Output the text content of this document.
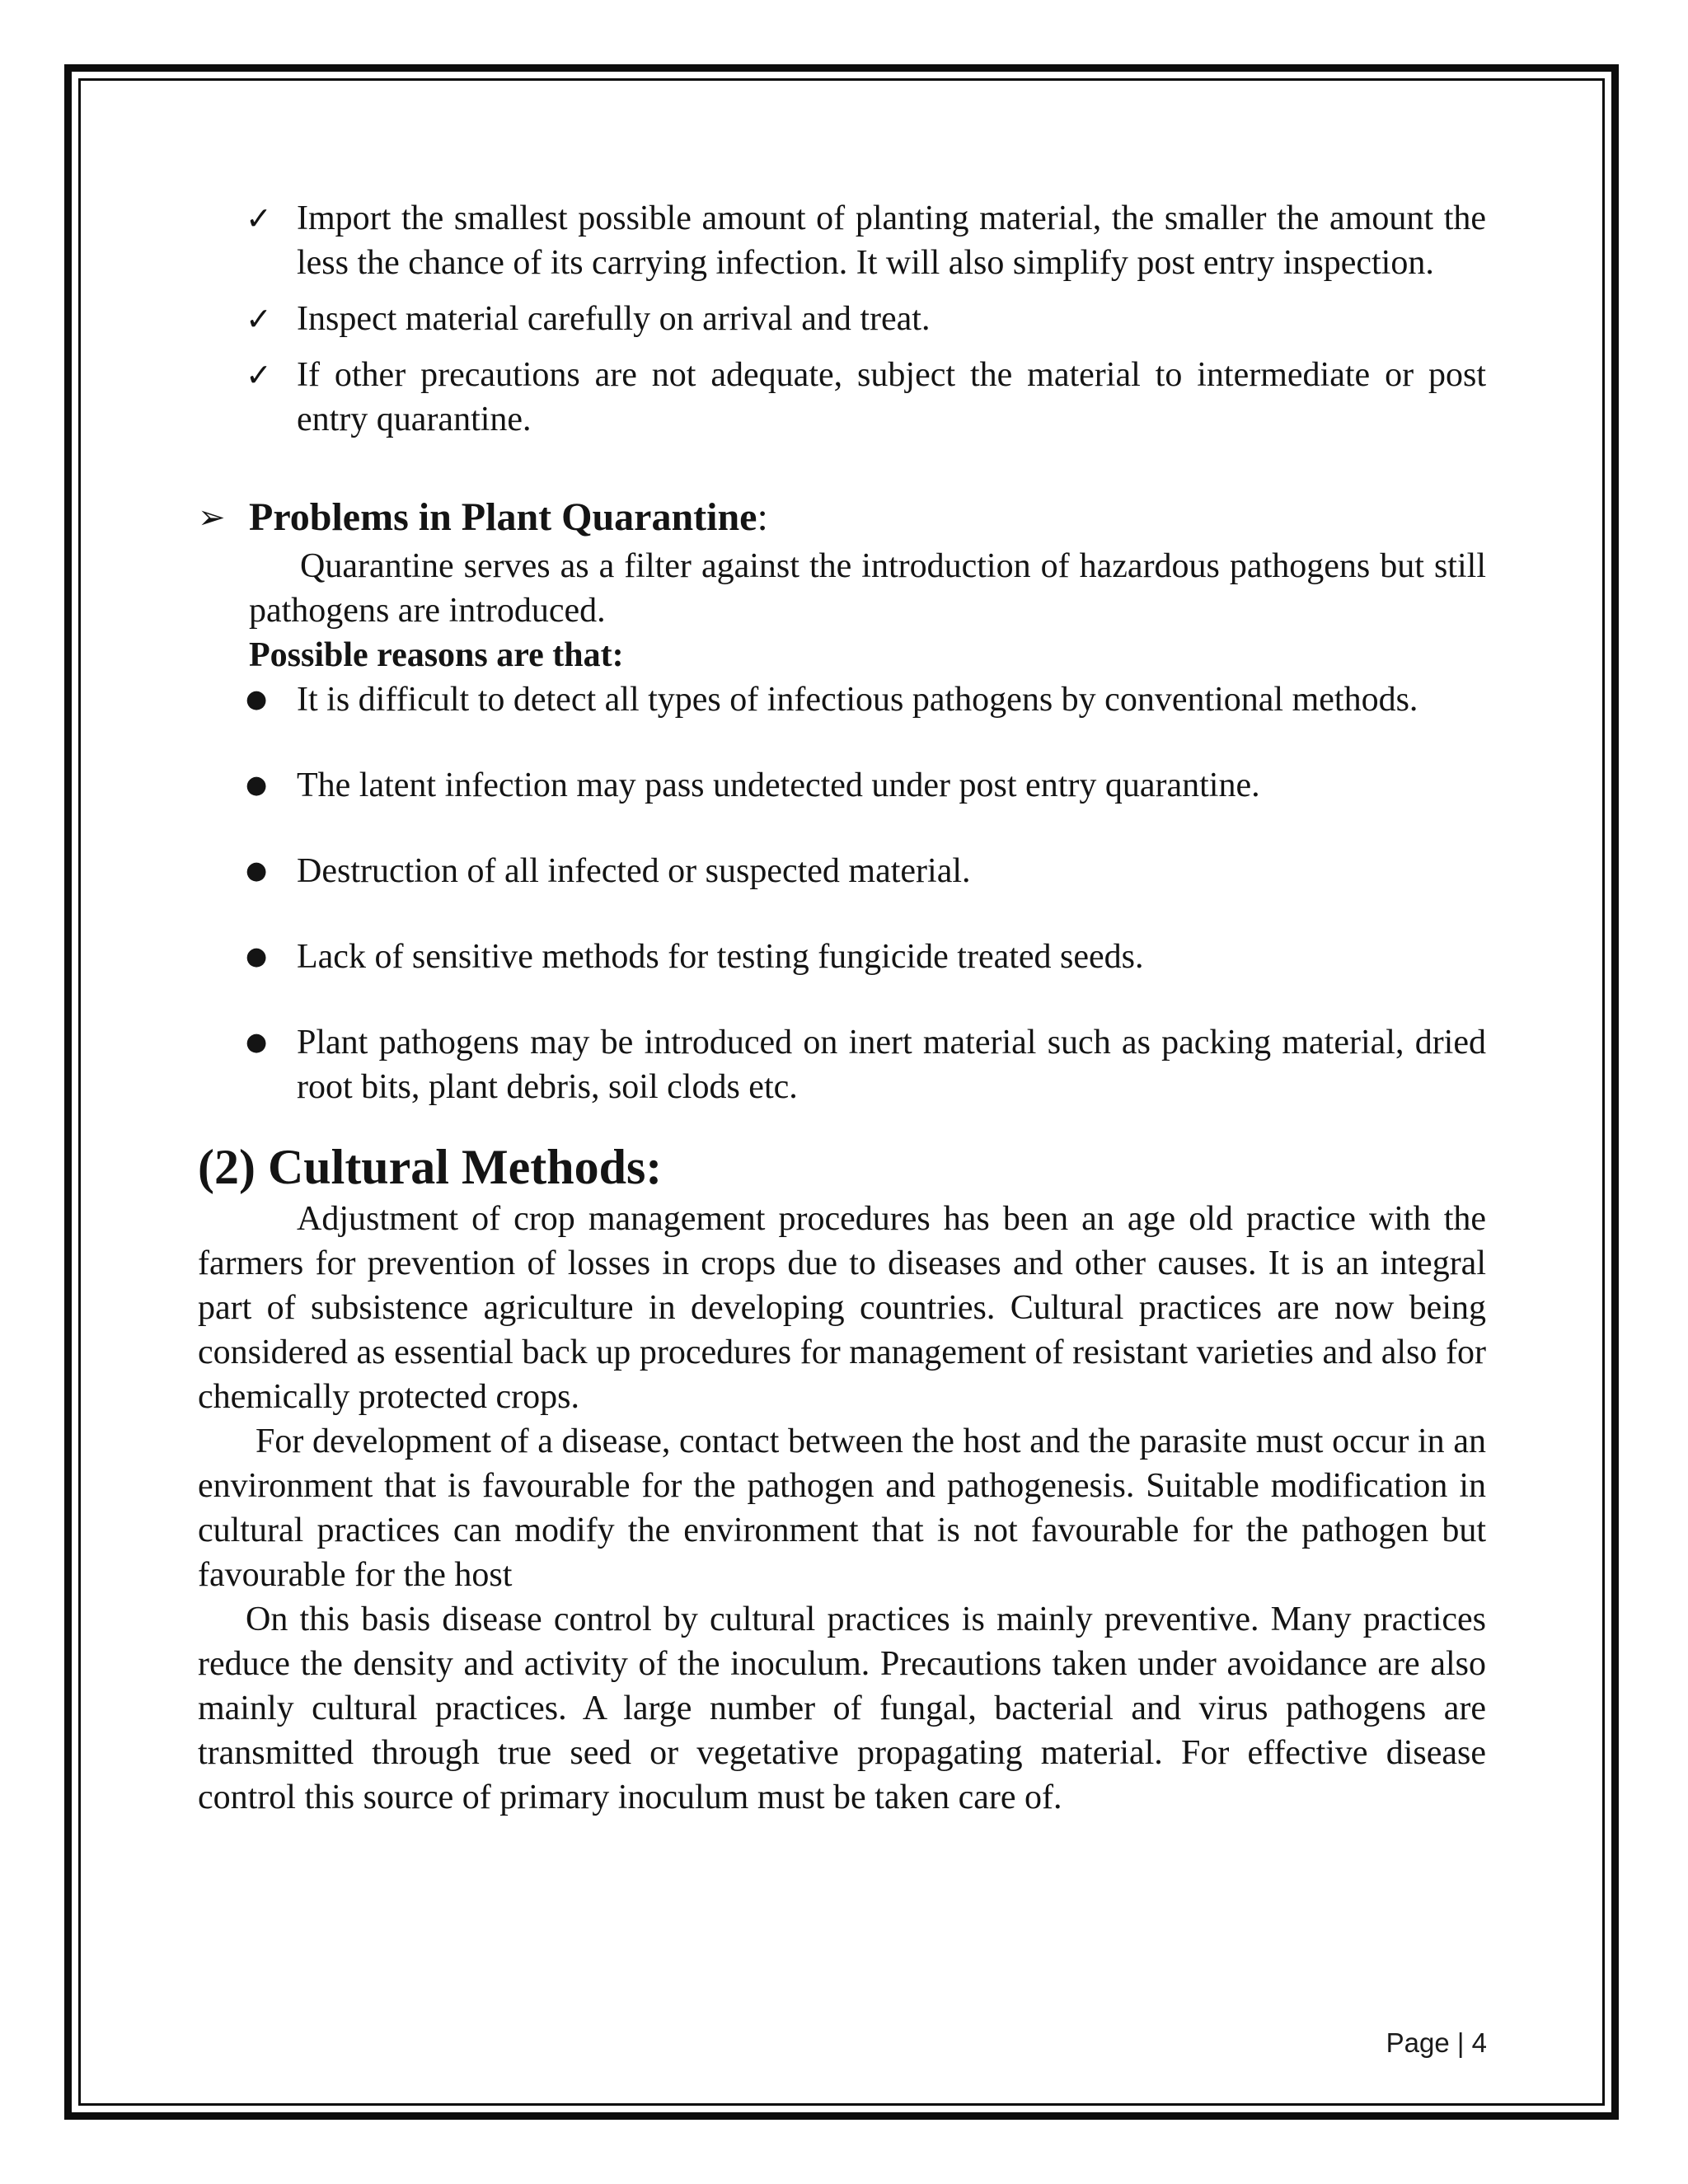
✓ Import the smallest possible amount of planting material, the smaller the amount the less the chance of its carrying infection. It will also simplify post entry inspection.
✓ Inspect material carefully on arrival and treat.
✓ If other precautions are not adequate, subject the material to intermediate or post entry quarantine.
➢ Problems in Plant Quarantine:

Quarantine serves as a filter against the introduction of hazardous pathogens but still pathogens are introduced.

Possible reasons are that:

● It is difficult to detect all types of infectious pathogens by conventional methods.
● The latent infection may pass undetected under post entry quarantine.
● Destruction of all infected or suspected material.
● Lack of sensitive methods for testing fungicide treated seeds.
● Plant pathogens may be introduced on inert material such as packing material, dried root bits, plant debris, soil clods etc.
(2) Cultural Methods:

Adjustment of crop management procedures has been an age old practice with the farmers for prevention of losses in crops due to diseases and other causes. It is an integral part of subsistence agriculture in developing countries. Cultural practices are now being considered as essential back up procedures for management of resistant varieties and also for chemically protected crops.

For development of a disease, contact between the host and the parasite must occur in an environment that is favourable for the pathogen and pathogenesis. Suitable modification in cultural practices can modify the environment that is not favourable for the pathogen but favourable for the host

On this basis disease control by cultural practices is mainly preventive. Many practices reduce the density and activity of the inoculum. Precautions taken under avoidance are also mainly cultural practices. A large number of fungal, bacterial and virus pathogens are transmitted through true seed or vegetative propagating material. For effective disease control this source of primary inoculum must be taken care of.

Page | 4
